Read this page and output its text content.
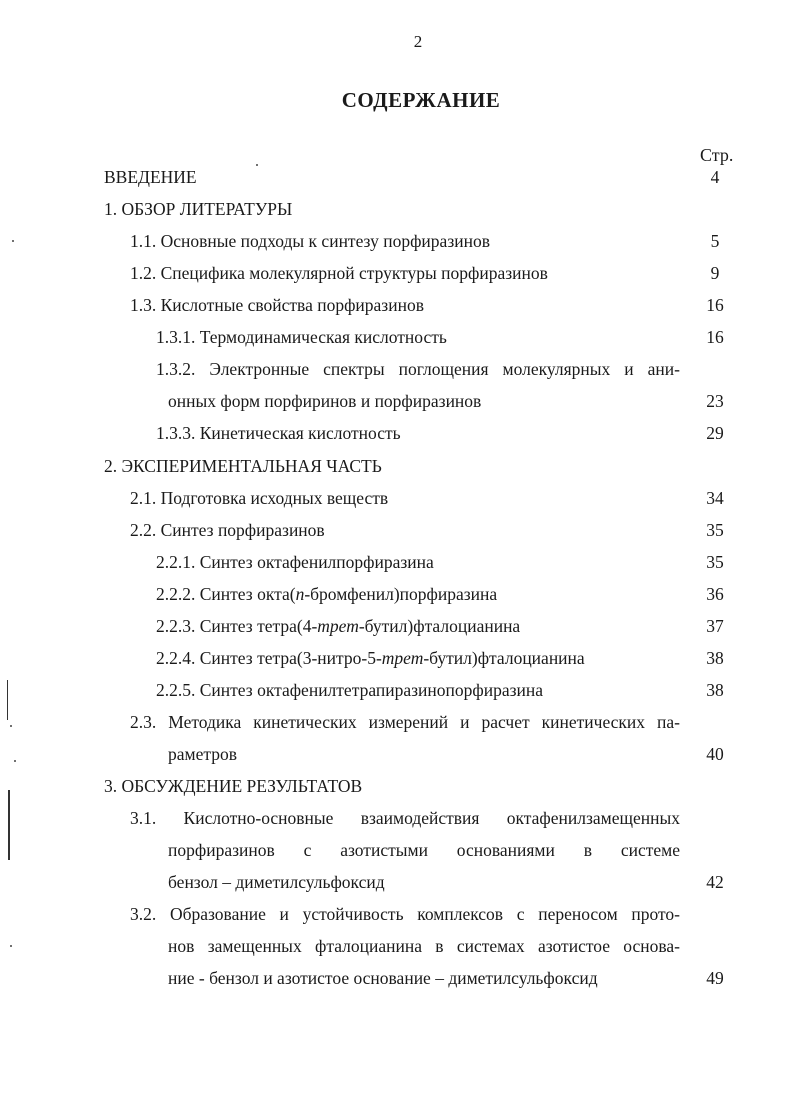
2
СОДЕРЖАНИЕ
Стр.
ВВЕДЕНИЕ	4
1. ОБЗОР ЛИТЕРАТУРЫ
1.1. Основные подходы к синтезу порфиразинов	5
1.2. Специфика молекулярной структуры порфиразинов	9
1.3. Кислотные свойства порфиразинов	16
1.3.1. Термодинамическая кислотность	16
1.3.2. Электронные спектры поглощения молекулярных и ани-
онных форм порфиринов и порфиразинов	23
1.3.3. Кинетическая кислотность	29
2. ЭКСПЕРИМЕНТАЛЬНАЯ ЧАСТЬ
2.1. Подготовка исходных веществ	34
2.2. Синтез порфиразинов	35
2.2.1. Синтез октафенилпорфиразина	35
2.2.2. Синтез окта(n-бромфенил)порфиразина	36
2.2.3. Синтез тетра(4-трет-бутил)фталоцианина	37
2.2.4. Синтез тетра(3-нитро-5-трет-бутил)фталоцианина	38
2.2.5. Синтез октафенилтетрапиразинопорфиразина	38
2.3. Методика кинетических измерений и расчет кинетических па-
раметров	40
3. ОБСУЖДЕНИЕ РЕЗУЛЬТАТОВ
3.1. Кислотно-основные взаимодействия октафенилзамещенных
порфиразинов с азотистыми основаниями в системе
бензол – диметилсульфоксид	42
3.2. Образование и устойчивость комплексов с переносом прото-
нов замещенных фталоцианина в системах азотистое основа-
ние - бензол и азотистое основание – диметилсульфоксид	49
